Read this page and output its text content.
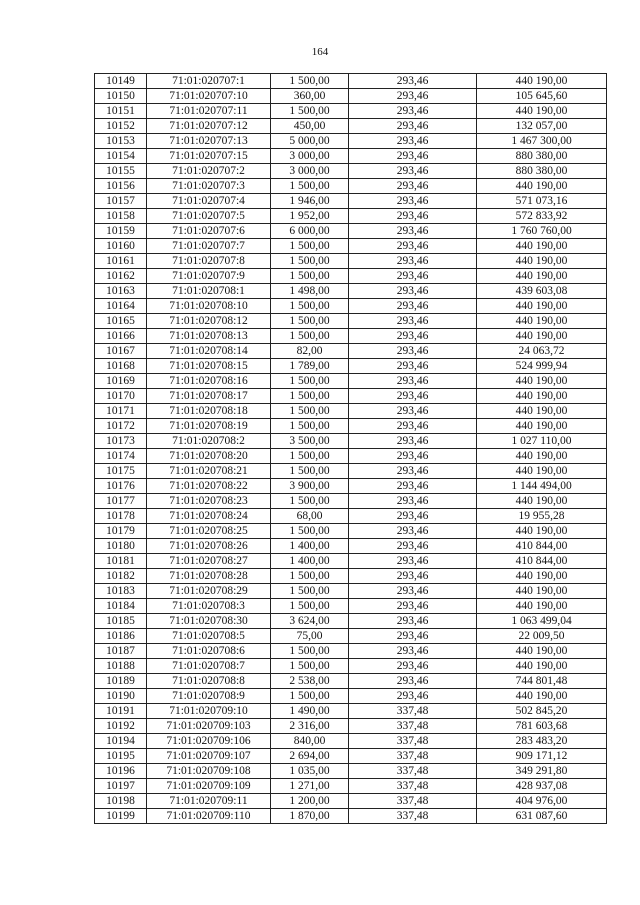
164
10149	71:01:020707:1	1 500,00	293,46	440 190,00
10150	71:01:020707:10	360,00	293,46	105 645,60
10151	71:01:020707:11	1 500,00	293,46	440 190,00
10152	71:01:020707:12	450,00	293,46	132 057,00
10153	71:01:020707:13	5 000,00	293,46	1 467 300,00
10154	71:01:020707:15	3 000,00	293,46	880 380,00
10155	71:01:020707:2	3 000,00	293,46	880 380,00
10156	71:01:020707:3	1 500,00	293,46	440 190,00
10157	71:01:020707:4	1 946,00	293,46	571 073,16
10158	71:01:020707:5	1 952,00	293,46	572 833,92
10159	71:01:020707:6	6 000,00	293,46	1 760 760,00
10160	71:01:020707:7	1 500,00	293,46	440 190,00
10161	71:01:020707:8	1 500,00	293,46	440 190,00
10162	71:01:020707:9	1 500,00	293,46	440 190,00
10163	71:01:020708:1	1 498,00	293,46	439 603,08
10164	71:01:020708:10	1 500,00	293,46	440 190,00
10165	71:01:020708:12	1 500,00	293,46	440 190,00
10166	71:01:020708:13	1 500,00	293,46	440 190,00
10167	71:01:020708:14	82,00	293,46	24 063,72
10168	71:01:020708:15	1 789,00	293,46	524 999,94
10169	71:01:020708:16	1 500,00	293,46	440 190,00
10170	71:01:020708:17	1 500,00	293,46	440 190,00
10171	71:01:020708:18	1 500,00	293,46	440 190,00
10172	71:01:020708:19	1 500,00	293,46	440 190,00
10173	71:01:020708:2	3 500,00	293,46	1 027 110,00
10174	71:01:020708:20	1 500,00	293,46	440 190,00
10175	71:01:020708:21	1 500,00	293,46	440 190,00
10176	71:01:020708:22	3 900,00	293,46	1 144 494,00
10177	71:01:020708:23	1 500,00	293,46	440 190,00
10178	71:01:020708:24	68,00	293,46	19 955,28
10179	71:01:020708:25	1 500,00	293,46	440 190,00
10180	71:01:020708:26	1 400,00	293,46	410 844,00
10181	71:01:020708:27	1 400,00	293,46	410 844,00
10182	71:01:020708:28	1 500,00	293,46	440 190,00
10183	71:01:020708:29	1 500,00	293,46	440 190,00
10184	71:01:020708:3	1 500,00	293,46	440 190,00
10185	71:01:020708:30	3 624,00	293,46	1 063 499,04
10186	71:01:020708:5	75,00	293,46	22 009,50
10187	71:01:020708:6	1 500,00	293,46	440 190,00
10188	71:01:020708:7	1 500,00	293,46	440 190,00
10189	71:01:020708:8	2 538,00	293,46	744 801,48
10190	71:01:020708:9	1 500,00	293,46	440 190,00
10191	71:01:020709:10	1 490,00	337,48	502 845,20
10192	71:01:020709:103	2 316,00	337,48	781 603,68
10194	71:01:020709:106	840,00	337,48	283 483,20
10195	71:01:020709:107	2 694,00	337,48	909 171,12
10196	71:01:020709:108	1 035,00	337,48	349 291,80
10197	71:01:020709:109	1 271,00	337,48	428 937,08
10198	71:01:020709:11	1 200,00	337,48	404 976,00
10199	71:01:020709:110	1 870,00	337,48	631 087,60
